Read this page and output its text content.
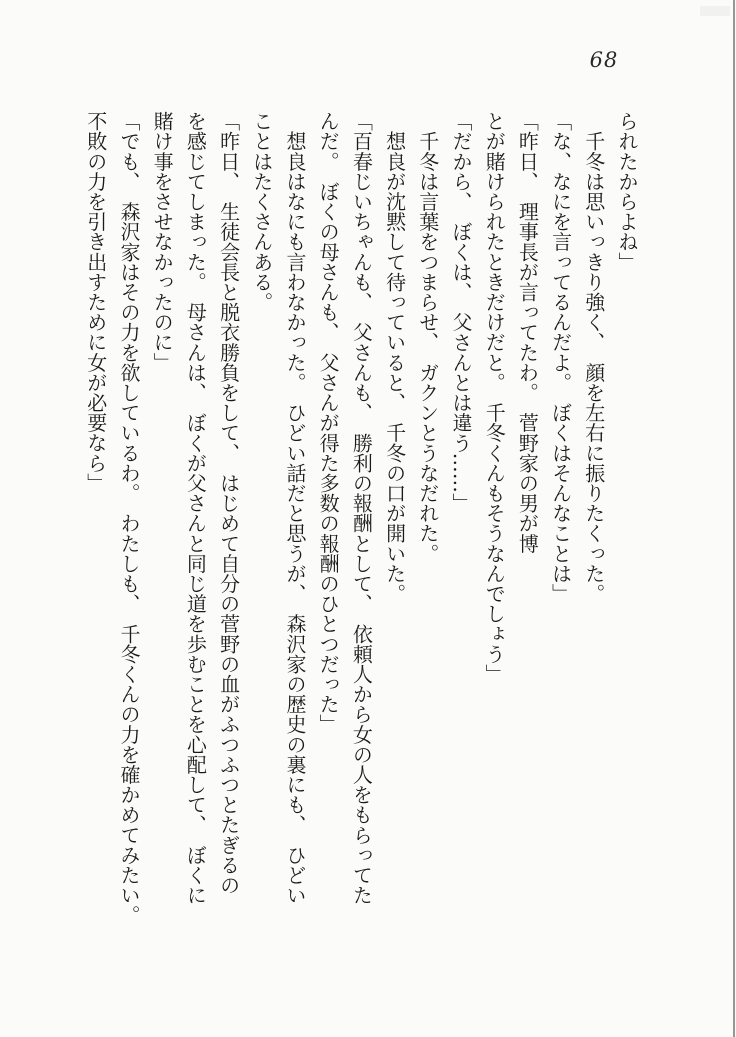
68
られたからよね」
　千冬は思いっきり強く、　顔を左右に振りたくった。
「な、なにを言ってるんだよ。　ぼくはそんなことは」
「昨日、　理事長が言ってたわ。　菅野家の男が博
とが賭けられたときだけだと。　千冬くんもそうなんでしょう」
「だから、　ぼくは、　父さんとは違う……」
　千冬は言葉をつまらせ、　ガクンとうなだれた。
　想良が沈黙して待っていると、　千冬の口が開いた。
「百春じいちゃんも、　父さんも、　勝利の報酬として、　依頼人から女の人をもらってた
んだ。　ぼくの母さんも、　父さんが得た多数の報酬のひとつだった」
　想良はなにも言わなかった。　ひどい話だと思うが、　森沢家の歴史の裏にも、　ひどい
ことはたくさんある。
「昨日、　生徒会長と脱衣勝負をして、　はじめて自分の菅野の血がふつふつとたぎるの
を感じてしまった。　母さんは、　ぼくが父さんと同じ道を歩むことを心配して、　ぼくに
賭け事をさせなかったのに」
「でも、　森沢家はその力を欲しているわ。　わたしも、　千冬くんの力を確かめてみたい。
不敗の力を引き出すために女が必要なら」
